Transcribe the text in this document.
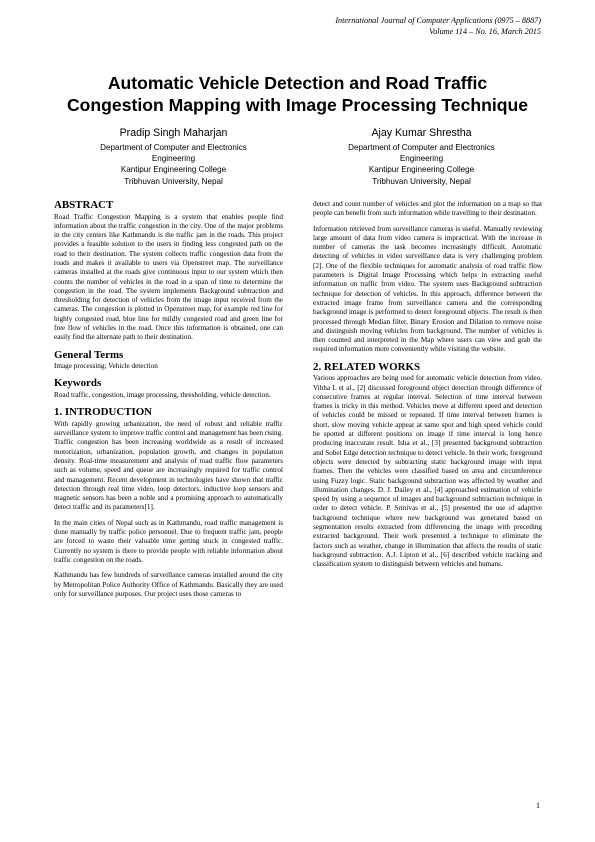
International Journal of Computer Applications (0975 – 8887)
Volume 114 – No. 16, March 2015
Automatic Vehicle Detection and Road Traffic
Congestion Mapping with Image Processing Technique
Pradip Singh Maharjan
Department of Computer and Electronics
Engineering
Kantipur Engineering College
Tribhuvan University, Nepal
Ajay Kumar Shrestha
Department of Computer and Electronics
Engineering
Kantipur Engineering College
Tribhuvan University, Nepal
ABSTRACT

Road Traffic Congestion Mapping is a system that enables people find information about the traffic congestion in the city. One of the major problems in the city centers like Kathmandu is the traffic jam in the roads. This project provides a feasible solution to the users in finding less congested path on the road to their destination. The system collects traffic congestion data from the roads and makes it available to users via Openstreet map. The surveillance cameras installed at the roads give continuous input to our system which then counts the number of vehicles in the road in a span of time to determine the congestion in the road. The system implements Background subtraction and thresholding for detection of vehicles from the image input received from the cameras. The congestion is plotted in Openstreet map, for example red line for highly congested road, blue line for mildly congested road and green line for free flow of vehicles in the road. Once this information is obtained, one can easily find the alternate path to their destination.

General Terms

Image processing; Vehicle detection

Keywords

Road traffic, congestion, image processing, thresholding, vehicle detection.

1. INTRODUCTION

With rapidly growing urbanization, the need of robust and reliable traffic surveillance system to improve traffic control and management has been rising. Traffic congestion has been increasing worldwide as a result of increased motorization, urbanization, population growth, and changes in population density. Real-time measurement and analysis of road traffic flow parameters such as volume, speed and queue are increasingly required for traffic control and management. Recent development in technologies have shown that traffic detection through real time video, loop detectors, inductive loop sensors and magnetic sensors has been a noble and a promising approach to automatically detect traffic and its parameters[1].

In the main cities of Nepal such as in Kathmandu, road traffic management is done manually by traffic police personnel. Due to frequent traffic jam, people are forced to waste their valuable time getting stuck in congested traffic. Currently no system is there to provide people with reliable information about traffic congestion on the roads.

Kathmandu has few hundreds of surveillance cameras installed around the city by Metropolitan Police Authority Office of Kathmandu. Basically they are used only for surveillance purposes. Our project uses those cameras to

detect and count number of vehicles and plot the information on a map so that people can benefit from such information while travelling to their destination.

Information retrieved from surveillance cameras is useful. Manually reviewing large amount of data from video camera is impractical. With the increase in number of cameras the task becomes increasingly difficult. Automatic detecting of vehicles in video surveillance data is very challenging problem [2]. One of the flexible techniques for automatic analysis of road traffic flow parameters is Digital Image Processing which helps in extracting useful information on traffic from video. The system uses Background subtraction technique for detection of vehicles. In this approach, difference between the extracted image frame from surveillance camera and the corresponding background image is performed to detect foreground objects. The result is then processed through Median filter, Binary Erosion and Dilation to remove noise and distinguish moving vehicles from background. The number of vehicles is then counted and interpreted in the Map where users can view and grab the required information more conveniently while visiting the website.

2. RELATED WORKS

Various approaches are being used for automatic vehicle detection from video. Vibha L et al., [2] discussed foreground object detection through difference of consecutive frames at regular interval. Selection of time interval between frames is tricky in this method. Vehicles move at different speed and detection of vehicles could be missed or repeated. If time interval between frames is short, slow moving vehicle appear at same spot and high speed vehicle could be spotted at different positions on image if time interval is long hence producing inaccurate result. Isha et al., [3] presented background subtraction and Sobel Edge detection technique to detect vehicle. In their work, foreground objects were detected by subtracting static background image with input frames. Then the vehicles were classified based on area and circumference using Fuzzy logic. Static background subtraction was affected by weather and illumination changes. D. J. Dailey et al., [4] approached estimation of vehicle speed by using a sequence of images and background subtraction technique in order to detect vehicle. P. Srinivas et al., [5] presented the use of adaptive background technique where new background was generated based on segmentation results extracted from differencing the image with preceding extracted background. Their work presented a technique to eliminate the factors such as weather, change in illumination that affects the results of static background subtraction. A.J. Lipton et al., [6] described vehicle tracking and classification system to distinguish between vehicles and humans.

1
